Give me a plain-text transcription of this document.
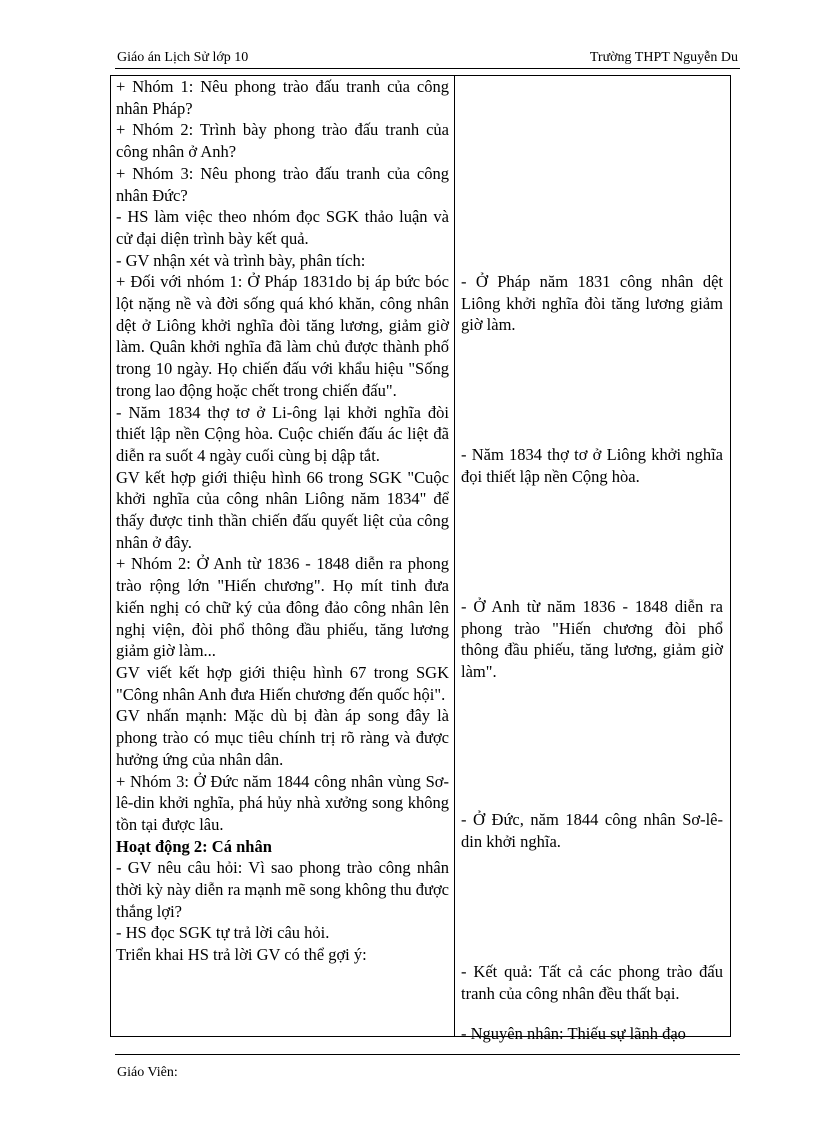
Giáo án Lịch Sử lớp 10	Trường THPT Nguyễn Du

+ Nhóm 1: Nêu phong trào đấu tranh của công nhân Pháp?

+ Nhóm 2: Trình bày phong trào đấu tranh của công nhân ở Anh?

+ Nhóm 3: Nêu phong trào đấu tranh của công nhân Đức?

- HS làm việc theo nhóm đọc SGK thảo luận và cử đại diện trình bày kết quả.

- GV nhận xét và trình bày, phân tích:

+ Đối với nhóm 1: Ở Pháp 1831do bị áp bức bóc lột nặng nề và đời sống quá khó khăn, công nhân dệt ở Liông khởi nghĩa đòi tăng lương, giảm giờ làm. Quân khởi nghĩa đã làm chủ được thành phố trong 10 ngày. Họ chiến đấu với khẩu hiệu "Sống trong lao động hoặc chết trong chiến đấu".

- Năm 1834 thợ tơ ở Li-ông lại khởi nghĩa đòi thiết lập nền Cộng hòa. Cuộc chiến đấu ác liệt đã diễn ra suốt 4 ngày cuối cùng bị dập tắt.

GV kết hợp giới thiệu hình 66 trong SGK "Cuộc khởi nghĩa của công nhân Liông năm 1834" để thấy được tinh thần chiến đấu quyết liệt của công nhân ở đây.

+ Nhóm 2: Ở Anh từ 1836 - 1848 diễn ra phong trào rộng lớn "Hiến chương". Họ mít tinh đưa kiến nghị có chữ ký của đông đảo công nhân lên nghị viện, đòi phổ thông đầu phiếu, tăng lương giảm giờ làm...

GV viết kết hợp giới thiệu hình 67 trong SGK "Công nhân Anh đưa Hiến chương đến quốc hội".

GV nhấn mạnh: Mặc dù bị đàn áp song đây là phong trào có mục tiêu chính trị rõ ràng và được hưởng ứng của nhân dân.

+ Nhóm 3: Ở Đức năm 1844 công nhân vùng Sơ-lê-din khởi nghĩa, phá hủy nhà xưởng song không tồn tại được lâu.

Hoạt động 2: Cá nhân

- GV nêu câu hỏi: Vì sao phong trào công nhân thời kỳ này diễn ra mạnh mẽ song không thu được thắng lợi?

- HS đọc SGK tự trả lời câu hỏi.

Triển khai HS trả lời GV có thể gợi ý:

- Ở Pháp năm 1831 công nhân dệt Liông khởi nghĩa đòi tăng lương giảm giờ làm.

- Năm 1834 thợ tơ ở Liông khởi nghĩa đọi thiết lập nền Cộng hòa.

- Ở Anh từ năm 1836 - 1848 diễn ra phong trào "Hiến chương đòi phổ thông đầu phiếu, tăng lương, giảm giờ làm".

- Ở Đức, năm 1844 công nhân Sơ-lê-din khởi nghĩa.

- Kết quả: Tất cả các phong trào đấu tranh của công nhân đều thất bại.

- Nguyên nhân: Thiếu sự lãnh đạo

Giáo Viên:
